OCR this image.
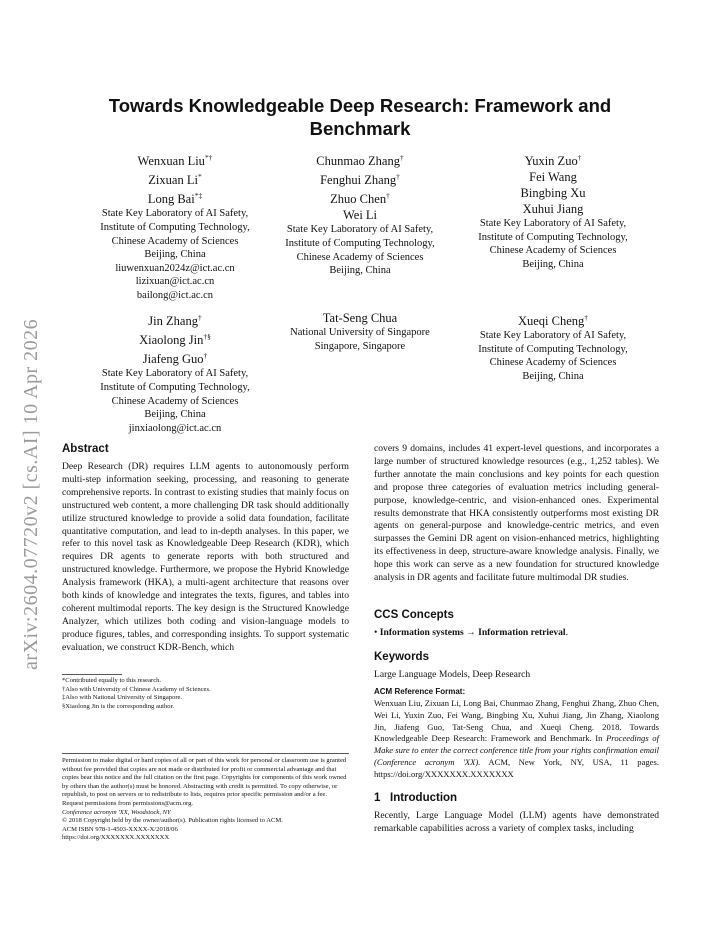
arXiv:2604.07720v2 [cs.AI] 10 Apr 2026
Towards Knowledgeable Deep Research: Framework and Benchmark
Wenxuan Liu*†
Zixuan Li*
Long Bai*‡
State Key Laboratory of AI Safety,
Institute of Computing Technology,
Chinese Academy of Sciences
Beijing, China
liuwenxuan2024z@ict.ac.cn
lizixuan@ict.ac.cn
bailong@ict.ac.cn
Chunmao Zhang†
Fenghui Zhang†
Zhuo Chen†
Wei Li
State Key Laboratory of AI Safety,
Institute of Computing Technology,
Chinese Academy of Sciences
Beijing, China
Yuxin Zuo†
Fei Wang
Bingbing Xu
Xuhui Jiang
State Key Laboratory of AI Safety,
Institute of Computing Technology,
Chinese Academy of Sciences
Beijing, China
Jin Zhang†
Xiaolong Jin†§
Jiafeng Guo†
State Key Laboratory of AI Safety,
Institute of Computing Technology,
Chinese Academy of Sciences
Beijing, China
jinxiaolong@ict.ac.cn
Tat-Seng Chua
National University of Singapore
Singapore, Singapore
Xueqi Cheng†
State Key Laboratory of AI Safety,
Institute of Computing Technology,
Chinese Academy of Sciences
Beijing, China
Abstract
Deep Research (DR) requires LLM agents to autonomously perform multi-step information seeking, processing, and reasoning to generate comprehensive reports. In contrast to existing studies that mainly focus on unstructured web content, a more challenging DR task should additionally utilize structured knowledge to provide a solid data foundation, facilitate quantitative computation, and lead to in-depth analyses. In this paper, we refer to this novel task as Knowledgeable Deep Research (KDR), which requires DR agents to generate reports with both structured and unstructured knowledge. Furthermore, we propose the Hybrid Knowledge Analysis framework (HKA), a multi-agent architecture that reasons over both kinds of knowledge and integrates the texts, figures, and tables into coherent multimodal reports. The key design is the Structured Knowledge Analyzer, which utilizes both coding and vision-language models to produce figures, tables, and corresponding insights. To support systematic evaluation, we construct KDR-Bench, which
covers 9 domains, includes 41 expert-level questions, and incorporates a large number of structured knowledge resources (e.g., 1,252 tables). We further annotate the main conclusions and key points for each question and propose three categories of evaluation metrics including general-purpose, knowledge-centric, and vision-enhanced ones. Experimental results demonstrate that HKA consistently outperforms most existing DR agents on general-purpose and knowledge-centric metrics, and even surpasses the Gemini DR agent on vision-enhanced metrics, highlighting its effectiveness in deep, structure-aware knowledge analysis. Finally, we hope this work can serve as a new foundation for structured knowledge analysis in DR agents and facilitate future multimodal DR studies.
*Contributed equally to this research.
†Also with University of Chinese Academy of Sciences.
‡Also with National University of Singapore.
§Xiaolong Jin is the corresponding author.
Permission to make digital or hard copies of all or part of this work for personal or classroom use is granted without fee provided that copies are not made or distributed for profit or commercial advantage and that copies bear this notice and the full citation on the first page. Copyrights for components of this work owned by others than the author(s) must be honored. Abstracting with credit is permitted. To copy otherwise, or republish, to post on servers or to redistribute to lists, requires prior specific permission and/or a fee. Request permissions from permissions@acm.org.
Conference acronym 'XX, Woodstock, NY
© 2018 Copyright held by the owner/author(s). Publication rights licensed to ACM.
ACM ISBN 978-1-4503-XXXX-X/2018/06
https://doi.org/XXXXXXX.XXXXXXX
CCS Concepts
• Information systems → Information retrieval.
Keywords
Large Language Models, Deep Research
ACM Reference Format:
Wenxuan Liu, Zixuan Li, Long Bai, Chunmao Zhang, Fenghui Zhang, Zhuo Chen, Wei Li, Yuxin Zuo, Fei Wang, Bingbing Xu, Xuhui Jiang, Jin Zhang, Xiaolong Jin, Jiafeng Guo, Tat-Seng Chua, and Xueqi Cheng. 2018. Towards Knowledgeable Deep Research: Framework and Benchmark. In Proceedings of Make sure to enter the correct conference title from your rights confirmation email (Conference acronym 'XX). ACM, New York, NY, USA, 11 pages. https://doi.org/XXXXXXX.XXXXXXX
1 Introduction
Recently, Large Language Model (LLM) agents have demonstrated remarkable capabilities across a variety of complex tasks, including
